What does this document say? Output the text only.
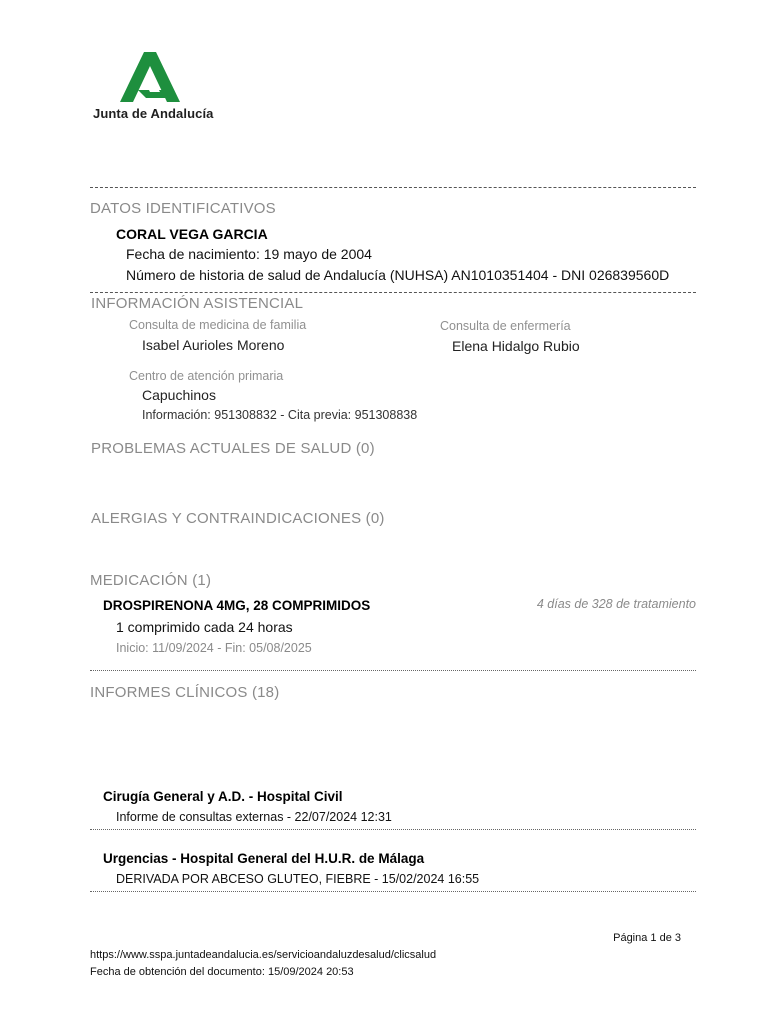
Junta de Andalucía
DATOS IDENTIFICATIVOS
CORAL VEGA GARCIA
Fecha de nacimiento: 19 mayo de 2004
Número de historia de salud de Andalucía (NUHSA) AN1010351404 - DNI 026839560D
INFORMACIÓN ASISTENCIAL
Consulta de medicina de familia
Isabel Aurioles Moreno
Consulta de enfermería
Elena Hidalgo Rubio
Centro de atención primaria
Capuchinos
Información: 951308832 - Cita previa: 951308838
PROBLEMAS ACTUALES DE SALUD (0)
ALERGIAS Y CONTRAINDICACIONES (0)
MEDICACIÓN (1)
DROSPIRENONA 4MG, 28 COMPRIMIDOS	4 días de 328 de tratamiento
1 comprimido cada 24 horas
Inicio: 11/09/2024 - Fin: 05/08/2025
INFORMES CLÍNICOS (18)
Cirugía General y A.D. - Hospital Civil
Informe de consultas externas - 22/07/2024 12:31
Urgencias - Hospital General del H.U.R. de Málaga
DERIVADA POR ABCESO GLUTEO, FIEBRE - 15/02/2024 16:55
Página 1 de 3
https://www.sspa.juntadeandalucia.es/servicioandaluzdesalud/clicsalud
Fecha de obtención del documento: 15/09/2024 20:53
